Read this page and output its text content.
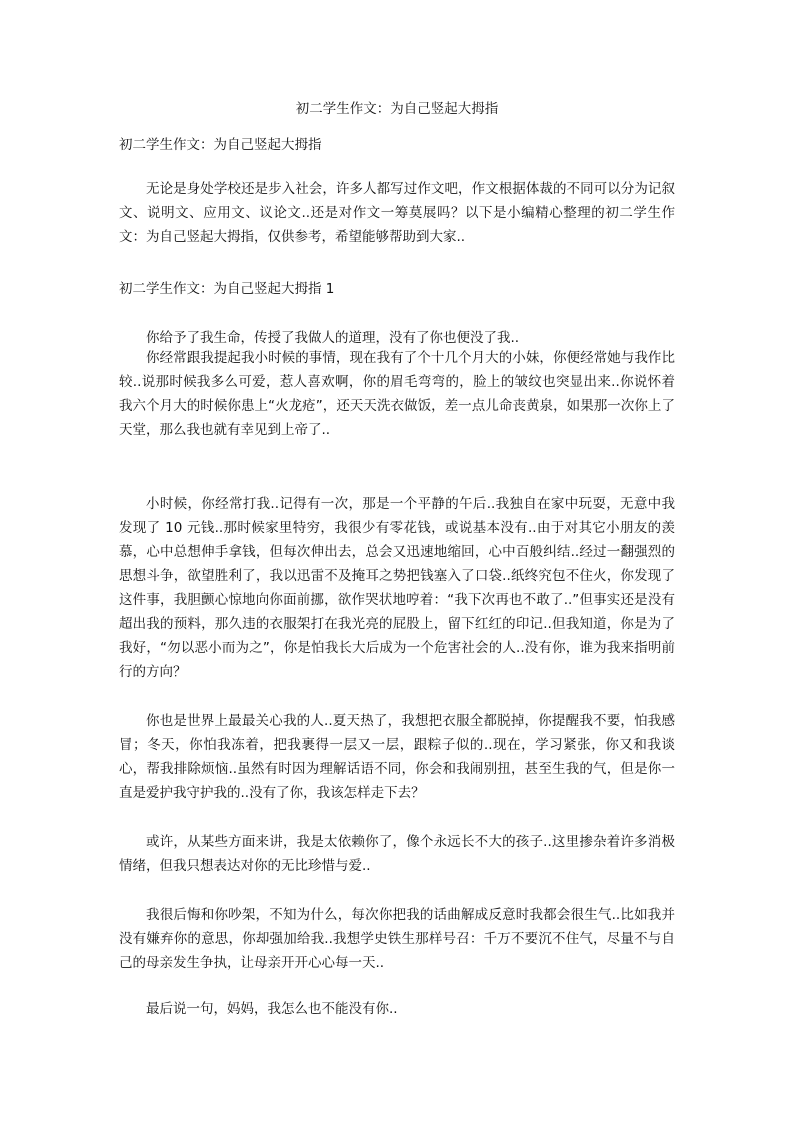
初二学生作文：为自己竖起大拇指
初二学生作文：为自己竖起大拇指

无论是身处学校还是步入社会，许多人都写过作文吧，作文根据体裁的不同可以分为记叙文、说明文、应用文、议论文..还是对作文一筹莫展吗？以下是小编精心整理的初二学生作文：为自己竖起大拇指，仅供参考，希望能够帮助到大家..

初二学生作文：为自己竖起大拇指 1

你给予了我生命，传授了我做人的道理，没有了你也便没了我..

你经常跟我提起我小时候的事情，现在我有了个十几个月大的小妹，你便经常她与我作比较..说那时候我多么可爱，惹人喜欢啊，你的眉毛弯弯的，脸上的皱纹也突显出来..你说怀着我六个月大的时候你患上“火龙疮”，还天天洗衣做饭，差一点儿命丧黄泉，如果那一次你上了天堂，那么我也就有幸见到上帝了..

小时候，你经常打我..记得有一次，那是一个平静的午后..我独自在家中玩耍，无意中我发现了 10 元钱..那时候家里特穷，我很少有零花钱，或说基本没有..由于对其它小朋友的羡慕，心中总想伸手拿钱，但每次伸出去，总会又迅速地缩回，心中百般纠结..经过一翻强烈的思想斗争，欲望胜利了，我以迅雷不及掩耳之势把钱塞入了口袋..纸终究包不住火，你发现了这件事，我胆颤心惊地向你面前挪，欲作哭状地哼着：“我下次再也不敢了..”但事实还是没有超出我的预料，那久违的衣服架打在我光亮的屁股上，留下红红的印记..但我知道，你是为了我好，“勿以恶小而为之”，你是怕我长大后成为一个危害社会的人..没有你，谁为我来指明前行的方向？

你也是世界上最最关心我的人..夏天热了，我想把衣服全都脱掉，你提醒我不要，怕我感冒；冬天，你怕我冻着，把我裹得一层又一层，跟粽子似的..现在，学习紧张，你又和我谈心，帮我排除烦恼..虽然有时因为理解话语不同，你会和我闹别扭，甚至生我的气，但是你一直是爱护我守护我的..没有了你，我该怎样走下去？

或许，从某些方面来讲，我是太依赖你了，像个永远长不大的孩子..这里掺杂着许多消极情绪，但我只想表达对你的无比珍惜与爱..

我很后悔和你吵架，不知为什么，每次你把我的话曲解成反意时我都会很生气..比如我并没有嫌弃你的意思，你却强加给我..我想学史铁生那样号召：千万不要沉不住气，尽量不与自己的母亲发生争执，让母亲开开心心每一天..

最后说一句，妈妈，我怎么也不能没有你..
